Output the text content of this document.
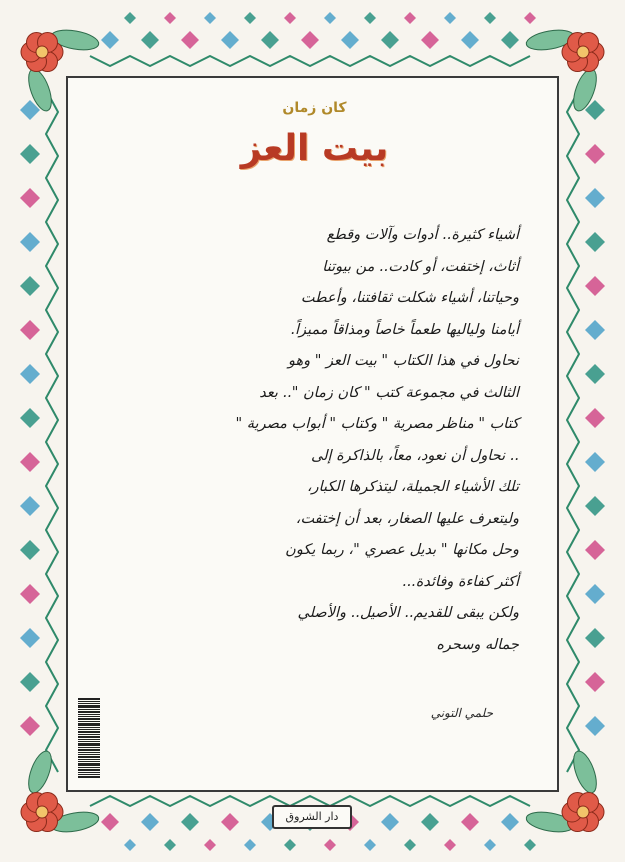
كان زمان
بيت العز

أشياء كثيرة.. أدوات وآلات وقطع

أثاث، إختفت، أو كادت.. من بيوتنا

وحياتنا، أشياء شكلت ثقافتنا، وأعطت

أيامنا ولياليها طعماً خاصاً ومذاقاً مميزاً.

نحاول في هذا الكتاب " بيت العز " وهو

الثالث في مجموعة كتب " كان زمان ".. بعد

كتاب " مناظر مصرية " وكتاب " أبواب مصرية "

.. نحاول أن نعود، معاً، بالذاكرة إلى

تلك الأشياء الجميلة، ليتذكرها الكبار،

وليتعرف عليها الصغار، بعد أن إختفت،

وحل مكانها " بديل عصري "، ربما يكون

أكثر كفاءة وفائدة...

ولكن يبقى للقديم.. الأصيل.. والأصلي

جماله وسحره

حلمي التوني
دار الشروق
